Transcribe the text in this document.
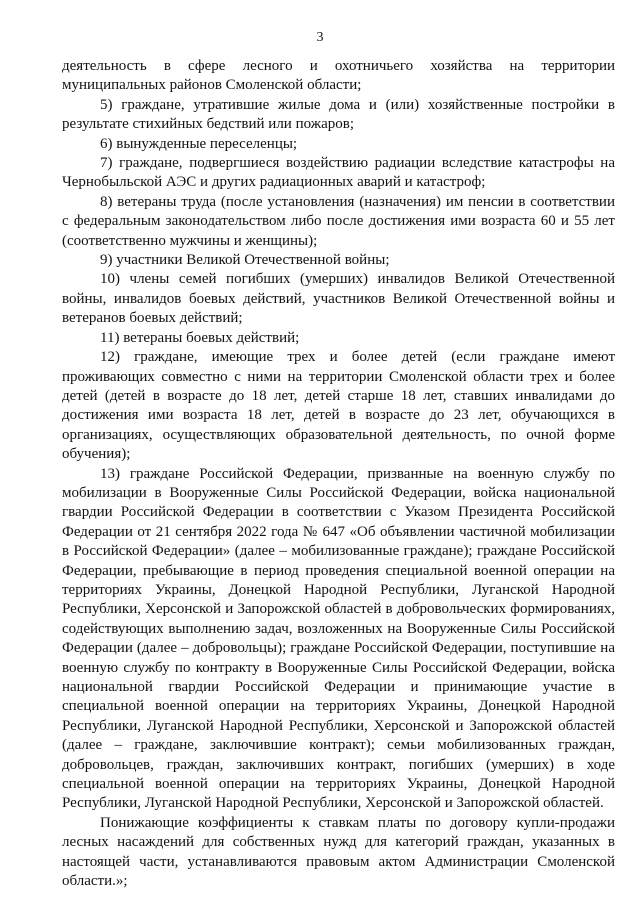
3

деятельность в сфере лесного и охотничьего хозяйства на территории муниципальных районов Смоленской области;

5) граждане, утратившие жилые дома и (или) хозяйственные постройки в результате стихийных бедствий или пожаров;

6) вынужденные переселенцы;

7) граждане, подвергшиеся воздействию радиации вследствие катастрофы на Чернобыльской АЭС и других радиационных аварий и катастроф;

8) ветераны труда (после установления (назначения) им пенсии в соответствии с федеральным законодательством либо после достижения ими возраста 60 и 55 лет (соответственно мужчины и женщины);

9) участники Великой Отечественной войны;

10) члены семей погибших (умерших) инвалидов Великой Отечественной войны, инвалидов боевых действий, участников Великой Отечественной войны и ветеранов боевых действий;

11) ветераны боевых действий;

12) граждане, имеющие трех и более детей (если граждане имеют проживающих совместно с ними на территории Смоленской области трех и более детей (детей в возрасте до 18 лет, детей старше 18 лет, ставших инвалидами до достижения ими возраста 18 лет, детей в возрасте до 23 лет, обучающихся в организациях, осуществляющих образовательной деятельность, по очной форме обучения);

13) граждане Российской Федерации, призванные на военную службу по мобилизации в Вооруженные Силы Российской Федерации, войска национальной гвардии Российской Федерации в соответствии с Указом Президента Российской Федерации от 21 сентября 2022 года № 647 «Об объявлении частичной мобилизации в Российской Федерации» (далее – мобилизованные граждане); граждане Российской Федерации, пребывающие в период проведения специальной военной операции на территориях Украины, Донецкой Народной Республики, Луганской Народной Республики, Херсонской и Запорожской областей в добровольческих формированиях, содействующих выполнению задач, возложенных на Вооруженные Силы Российской Федерации (далее – добровольцы); граждане Российской Федерации, поступившие на военную службу по контракту в Вооруженные Силы Российской Федерации, войска национальной гвардии Российской Федерации и принимающие участие в специальной военной операции на территориях Украины, Донецкой Народной Республики, Луганской Народной Республики, Херсонской и Запорожской областей (далее – граждане, заключившие контракт); семьи мобилизованных граждан, добровольцев, граждан, заключивших контракт, погибших (умерших) в ходе специальной военной операции на территориях Украины, Донецкой Народной Республики, Луганской Народной Республики, Херсонской и Запорожской областей.

Понижающие коэффициенты к ставкам платы по договору купли-продажи лесных насаждений для собственных нужд для категорий граждан, указанных в настоящей части, устанавливаются правовым актом Администрации Смоленской области.»;
